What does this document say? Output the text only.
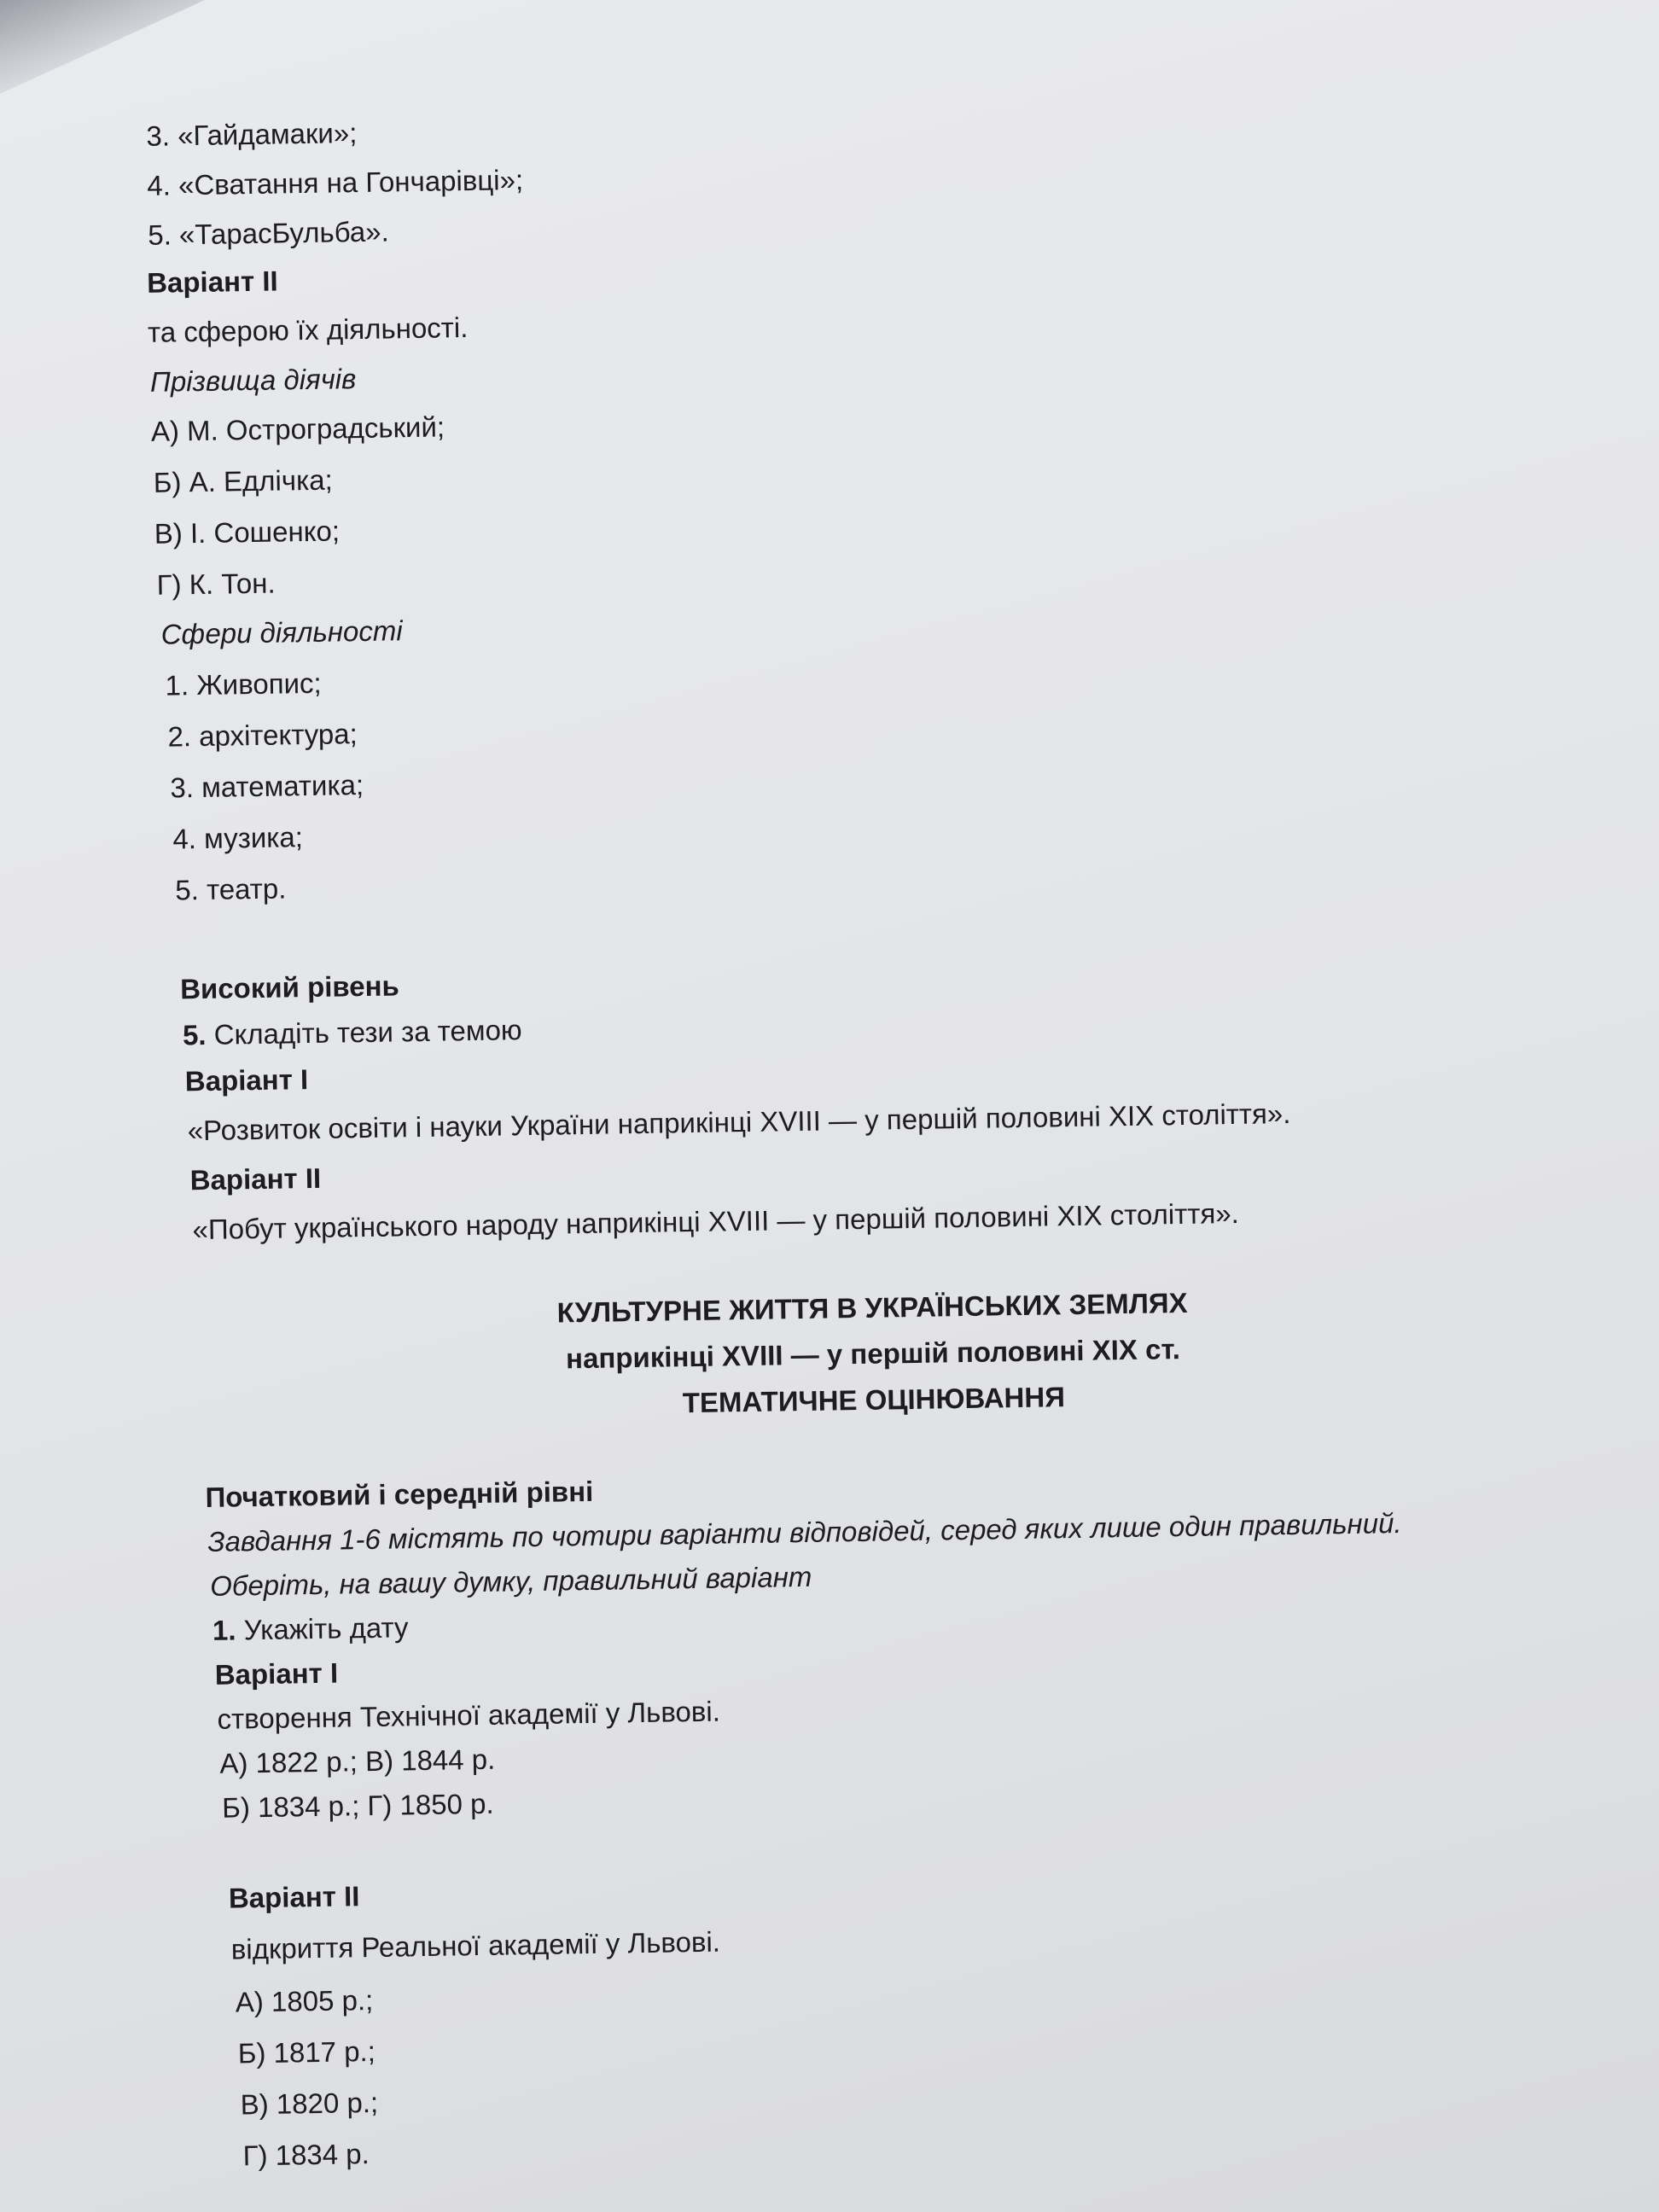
3. «Гайдамаки»;
4. «Сватання на Гончарівці»;
5. «ТарасБульба».
Варіант II
та сферою їх діяльності.
Прізвища діячів
А) М. Остроградський;
Б) А. Едлічка;
В) І. Сошенко;
Г) К. Тон.
Сфери діяльності
1. Живопис;
2. архітектура;
3. математика;
4. музика;
5. театр.
Високий рівень
5. Складіть тези за темою
Варіант I
«Розвиток освіти і науки України наприкінці XVIII — у першій половині XIX століття».
Варіант II
«Побут українського народу наприкінці XVIII — у першій половині XIX століття».
КУЛЬТУРНЕ ЖИТТЯ В УКРАЇНСЬКИХ ЗЕМЛЯХ
наприкінці XVIII — у першій половині XIX ст.
ТЕМАТИЧНЕ ОЦІНЮВАННЯ
Початковий і середній рівні
Завдання 1-6 містять по чотири варіанти відповідей, серед яких лише один правильний.
Оберіть, на вашу думку, правильний варіант
1. Укажіть дату
Варіант I
створення Технічної академії у Львові.
А) 1822 р.; В) 1844 р.
Б) 1834 р.; Г) 1850 р.
Варіант II
відкриття Реальної академії у Львові.
А) 1805 р.;
Б) 1817 р.;
В) 1820 р.;
Г) 1834 р.
